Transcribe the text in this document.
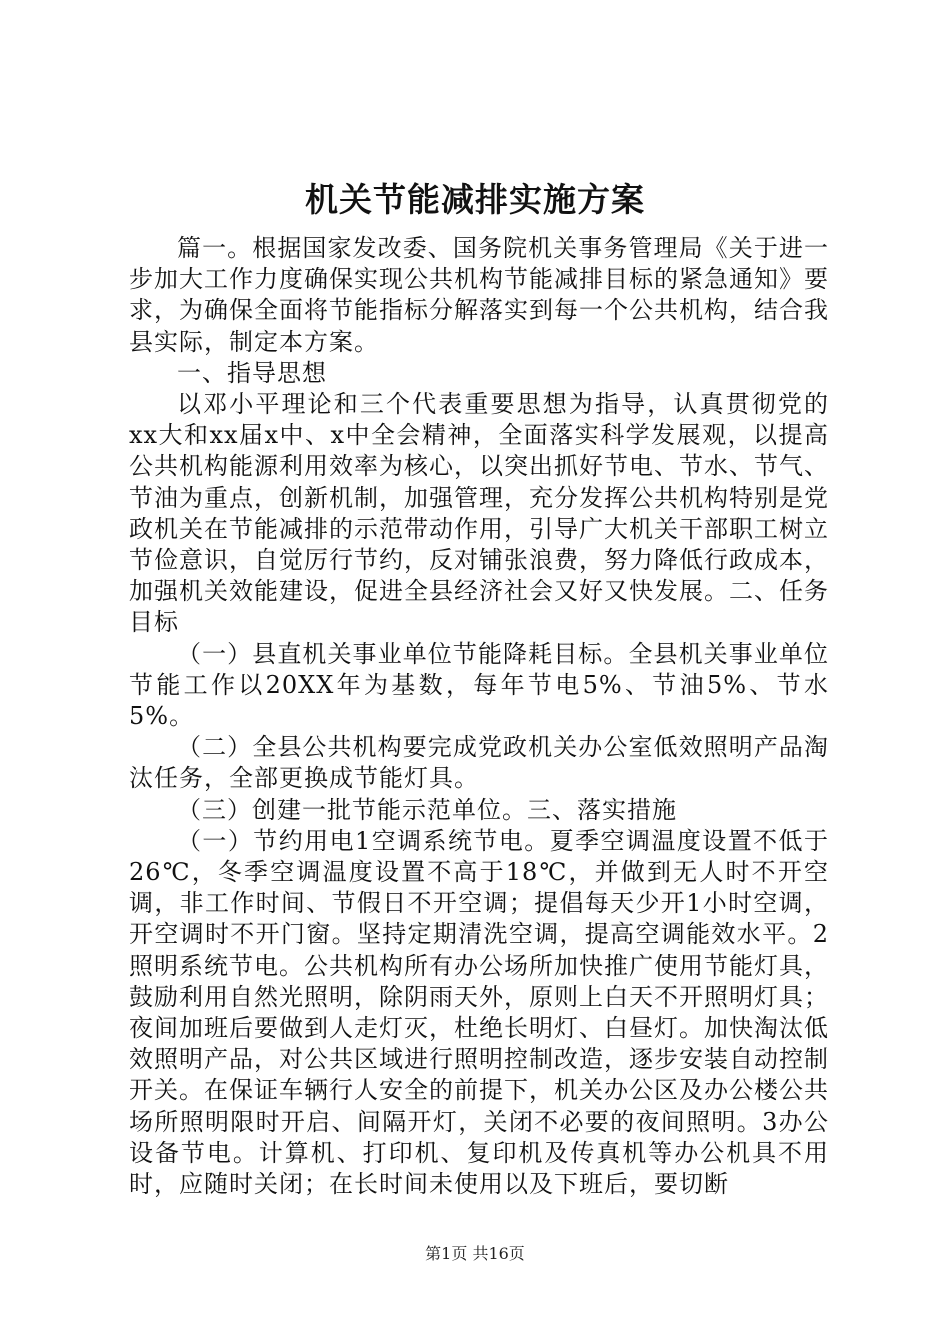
机关节能减排实施方案

篇一。根据国家发改委、国务院机关事务管理局《关于进一步加大工作力度确保实现公共机构节能减排目标的紧急通知》要求，为确保全面将节能指标分解落实到每一个公共机构，结合我县实际，制定本方案。

一、指导思想

以邓小平理论和三个代表重要思想为指导，认真贯彻党的xx大和xx届x中、x中全会精神，全面落实科学发展观，以提高公共机构能源利用效率为核心，以突出抓好节电、节水、节气、节油为重点，创新机制，加强管理，充分发挥公共机构特别是党政机关在节能减排的示范带动作用，引导广大机关干部职工树立节俭意识，自觉厉行节约，反对铺张浪费，努力降低行政成本，加强机关效能建设，促进全县经济社会又好又快发展。二、任务目标

（一）县直机关事业单位节能降耗目标。全县机关事业单位节能工作以20XX年为基数，每年节电5%、节油5%、节水5%。

（二）全县公共机构要完成党政机关办公室低效照明产品淘汰任务，全部更换成节能灯具。

（三）创建一批节能示范单位。三、落实措施

（一）节约用电1空调系统节电。夏季空调温度设置不低于26℃，冬季空调温度设置不高于18℃，并做到无人时不开空调，非工作时间、节假日不开空调；提倡每天少开1小时空调，开空调时不开门窗。坚持定期清洗空调，提高空调能效水平。2照明系统节电。公共机构所有办公场所加快推广使用节能灯具，鼓励利用自然光照明，除阴雨天外，原则上白天不开照明灯具；夜间加班后要做到人走灯灭，杜绝长明灯、白昼灯。加快淘汰低效照明产品，对公共区域进行照明控制改造，逐步安装自动控制开关。在保证车辆行人安全的前提下，机关办公区及办公楼公共场所照明限时开启、间隔开灯，关闭不必要的夜间照明。3办公设备节电。计算机、打印机、复印机及传真机等办公机具不用时，应随时关闭；在长时间未使用以及下班后，要切断

第1页 共16页
